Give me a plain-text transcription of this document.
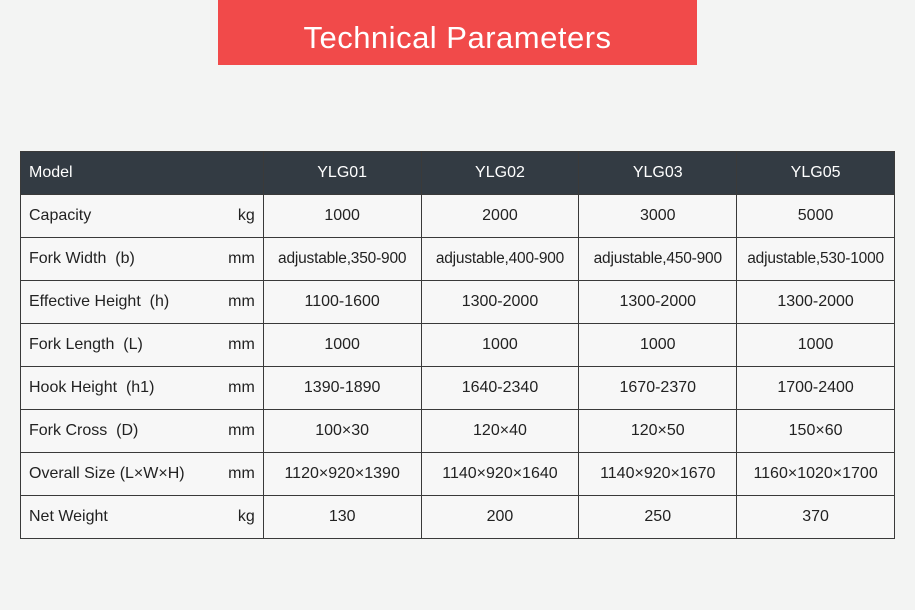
Technical Parameters
Model	YLG01	YLG02	YLG03	YLG05

Capacity kg	1000	2000	3000	5000

Fork Width  (b) mm	adjustable,350-900	adjustable,400-900	adjustable,450-900	adjustable,530-1000

Effective Height  (h) mm	1100-1600	1300-2000	1300-2000	1300-2000

Fork Length  (L) mm	1000	1000	1000	1000

Hook Height  (h1) mm	1390-1890	1640-2340	1670-2370	1700-2400

Fork Cross  (D) mm	100×30	120×40	120×50	150×60

Overall Size (L×W×H) mm	1120×920×1390	1140×920×1640	1140×920×1670	1160×1020×1700

Net Weight kg	130	200	250	370
